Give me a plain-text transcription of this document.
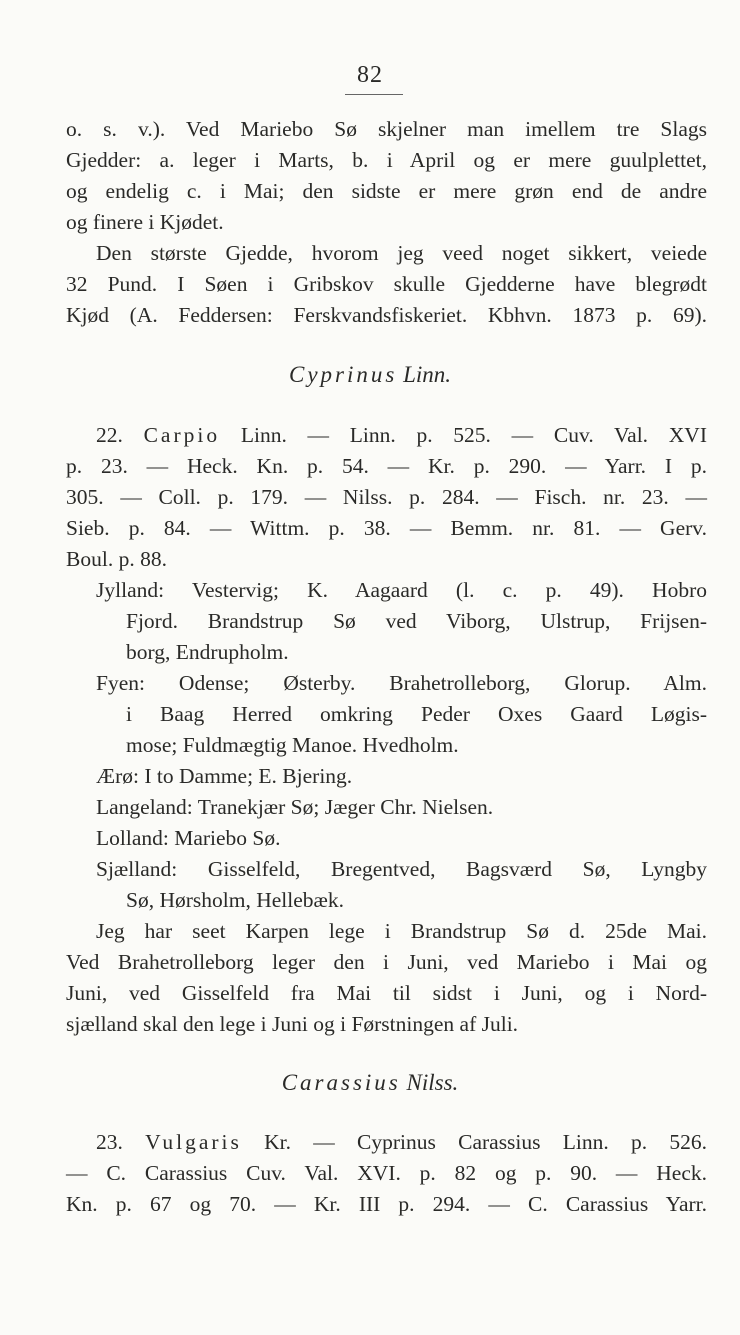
82
o. s. v.). Ved Mariebo Sø skjelner man imellem tre Slags
Gjedder: a. leger i Marts, b. i April og er mere guulplettet,
og endelig c. i Mai; den sidste er mere grøn end de andre
og finere i Kjødet.
Den største Gjedde, hvorom jeg veed noget sikkert, veiede
32 Pund. I Søen i Gribskov skulle Gjedderne have blegrødt
Kjød (A. Feddersen: Ferskvandsfiskeriet. Kbhvn. 1873 p. 69).
Cyprinus Linn.
22. Carpio Linn. — Linn. p. 525. — Cuv. Val. XVI
p. 23. — Heck. Kn. p. 54. — Kr. p. 290. — Yarr. I p.
305. — Coll. p. 179. — Nilss. p. 284. — Fisch. nr. 23. —
Sieb. p. 84. — Wittm. p. 38. — Bemm. nr. 81. — Gerv.
Boul. p. 88.
Jylland: Vestervig; K. Aagaard (l. c. p. 49). Hobro
Fjord. Brandstrup Sø ved Viborg, Ulstrup, Frijsen-
borg, Endrupholm.
Fyen: Odense; Østerby. Brahetrolleborg, Glorup. Alm.
i Baag Herred omkring Peder Oxes Gaard Løgis-
mose; Fuldmægtig Manoe. Hvedholm.
Ærø: I to Damme; E. Bjering.
Langeland: Tranekjær Sø; Jæger Chr. Nielsen.
Lolland: Mariebo Sø.
Sjælland: Gisselfeld, Bregentved, Bagsværd Sø, Lyngby
Sø, Hørsholm, Hellebæk.
Jeg har seet Karpen lege i Brandstrup Sø d. 25de Mai.
Ved Brahetrolleborg leger den i Juni, ved Mariebo i Mai og
Juni, ved Gisselfeld fra Mai til sidst i Juni, og i Nord-
sjælland skal den lege i Juni og i Førstningen af Juli.
Carassius Nilss.
23. Vulgaris Kr. — Cyprinus Carassius Linn. p. 526.
— C. Carassius Cuv. Val. XVI. p. 82 og p. 90. — Heck.
Kn. p. 67 og 70. — Kr. III p. 294. — C. Carassius Yarr.
